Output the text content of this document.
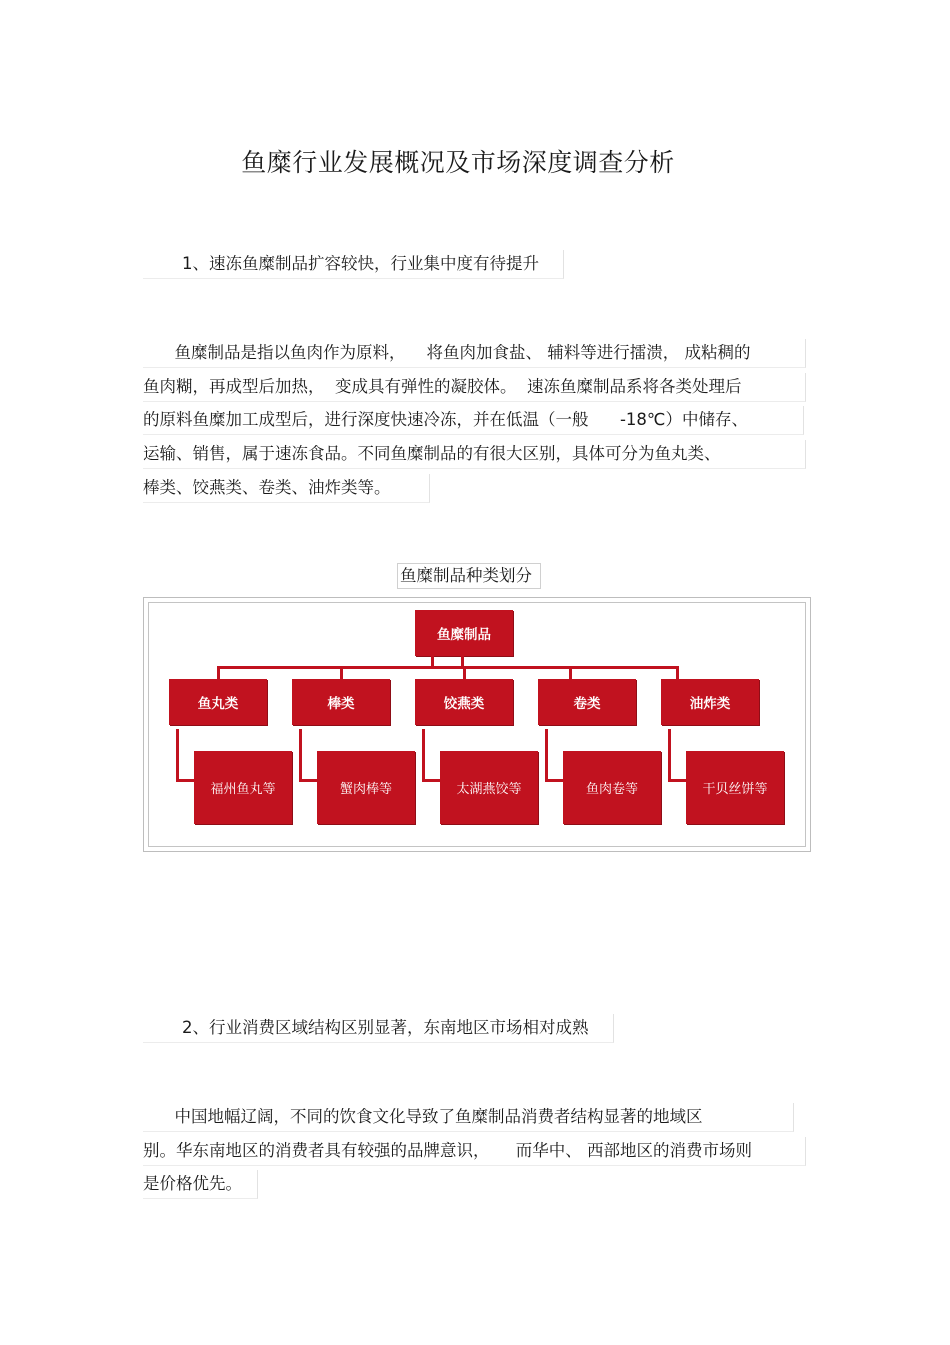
鱼糜行业发展概况及市场深度调查分析
1、速冻鱼糜制品扩容较快，行业集中度有待提升
鱼糜制品是指以鱼肉作为原料，    将鱼肉加食盐、 辅料等进行擂溃， 成粘稠的
鱼肉糊，再成型后加热，  变成具有弹性的凝胶体。  速冻鱼糜制品系将各类处理后
的原料鱼糜加工成型后，进行深度快速冷冻，并在低温（一般      -18℃）中储存、
运输、销售，属于速冻食品。不同鱼糜制品的有很大区别，具体可分为鱼丸类、
棒类、饺燕类、卷类、油炸类等。
鱼糜制品种类划分
鱼糜制品
鱼丸类	棒类	饺燕类	卷类	油炸类
福州鱼丸等	蟹肉棒等	太湖燕饺等	鱼肉卷等	干贝丝饼等
2、行业消费区域结构区别显著，东南地区市场相对成熟
中国地幅辽阔，不同的饮食文化导致了鱼糜制品消费者结构显著的地域区
别。华东南地区的消费者具有较强的品牌意识，     而华中、 西部地区的消费市场则
是价格优先。
